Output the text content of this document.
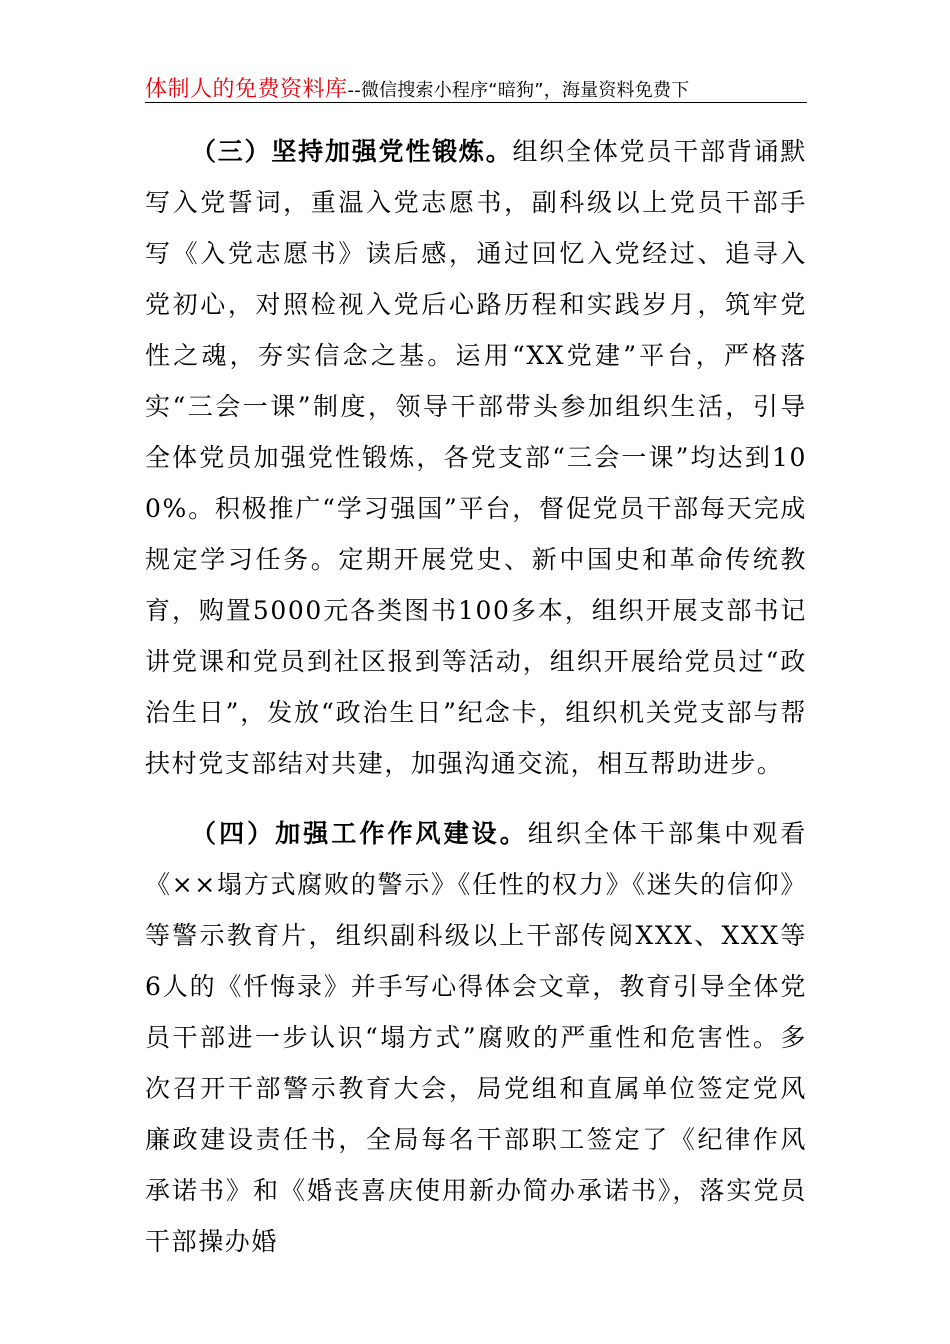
体制人的免费资料库--微信搜索小程序“暗狗”，海量资料免费下

（三）坚持加强党性锻炼。组织全体党员干部背诵默写入党誓词，重温入党志愿书，副科级以上党员干部手写《入党志愿书》读后感，通过回忆入党经过、追寻入党初心，对照检视入党后心路历程和实践岁月，筑牢党性之魂，夯实信念之基。运用“XX党建”平台，严格落实“三会一课”制度，领导干部带头参加组织生活，引导全体党员加强党性锻炼，各党支部“三会一课”均达到100%。积极推广“学习强国”平台，督促党员干部每天完成规定学习任务。定期开展党史、新中国史和革命传统教育，购置5000元各类图书100多本，组织开展支部书记讲党课和党员到社区报到等活动，组织开展给党员过“政治生日”，发放“政治生日”纪念卡，组织机关党支部与帮扶村党支部结对共建，加强沟通交流，相互帮助进步。

（四）加强工作作风建设。组织全体干部集中观看《××塌方式腐败的警示》《任性的权力》《迷失的信仰》等警示教育片，组织副科级以上干部传阅XXX、XXX等6人的《忏悔录》并手写心得体会文章，教育引导全体党员干部进一步认识“塌方式”腐败的严重性和危害性。多次召开干部警示教育大会，局党组和直属单位签定党风廉政建设责任书，全局每名干部职工签定了《纪律作风承诺书》和《婚丧喜庆使用新办简办承诺书》，落实党员干部操办婚
